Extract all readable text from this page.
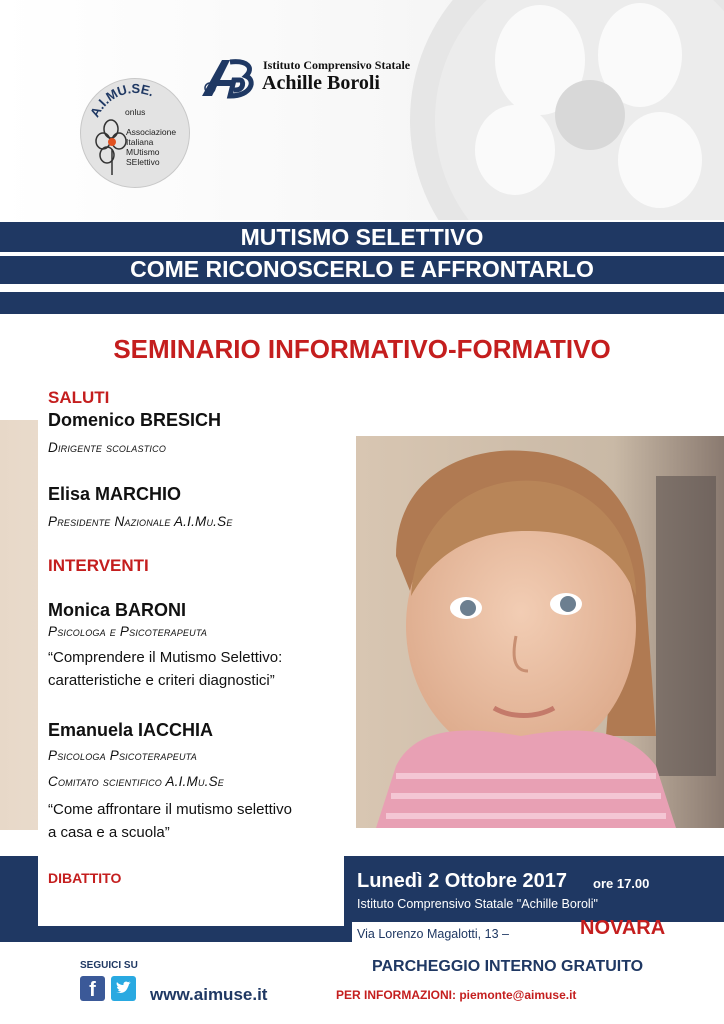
A.I.MU.SE.
onlus
Associazione
Italiana
MUtismo
SElettivo
Istituto Comprensivo Statale
Achille Boroli
MUTISMO SELETTIVO
COME RICONOSCERLO E AFFRONTARLO
SEMINARIO INFORMATIVO-FORMATIVO
SALUTI
Domenico BRESICH
Dirigente scolastico
Elisa MARCHIO
Presidente Nazionale A.I.Mu.Se
INTERVENTI
Monica BARONI
Psicologa e Psicoterapeuta
“Comprendere il Mutismo Selettivo:
caratteristiche e criteri diagnostici”
Emanuela IACCHIA
Psicologa Psicoterapeuta
Comitato scientifico A.I.Mu.Se
“Come affrontare il mutismo selettivo
a casa e a scuola”
DIBATTITO	Lunedì 2 Ottobre 2017 ore 17.00
Istituto Comprensivo Statale "Achille Boroli"
Via Lorenzo Magalotti, 13 –	NOVARA
SEGUICI SU
f	www.aimuse.it
PARCHEGGIO INTERNO GRATUITO
PER INFORMAZIONI: piemonte@aimuse.it
